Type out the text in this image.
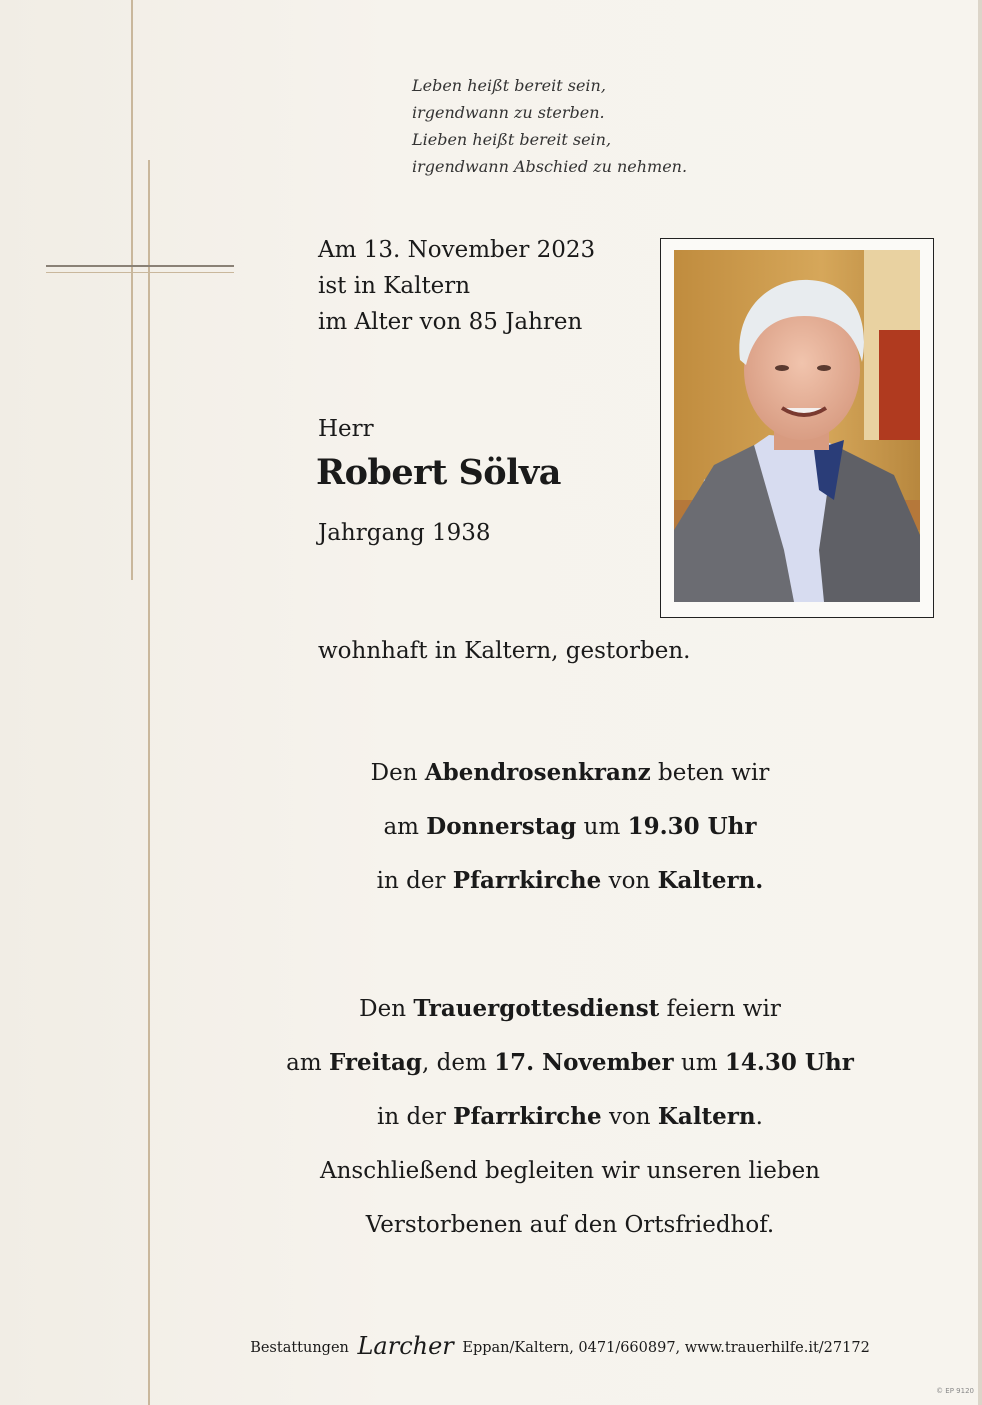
Leben heißt bereit sein,
irgendwann zu sterben.
Lieben heißt bereit sein,
irgendwann Abschied zu nehmen.
Am 13. November 2023
ist in Kaltern
im Alter von 85 Jahren
Herr
Robert Sölva
Jahrgang 1938
wohnhaft in Kaltern, gestorben.
Den Abendrosenkranz beten wir
am Donnerstag um 19.30 Uhr
in der Pfarrkirche von Kaltern.
Den Trauergottesdienst feiern wir
am Freitag, dem 17. November um 14.30 Uhr
in der Pfarrkirche von Kaltern.
Anschließend begleiten wir unseren lieben
Verstorbenen auf den Ortsfriedhof.
Bestattungen Larcher Eppan/Kaltern, 0471/660897, www.trauerhilfe.it/27172
© EP 9120
